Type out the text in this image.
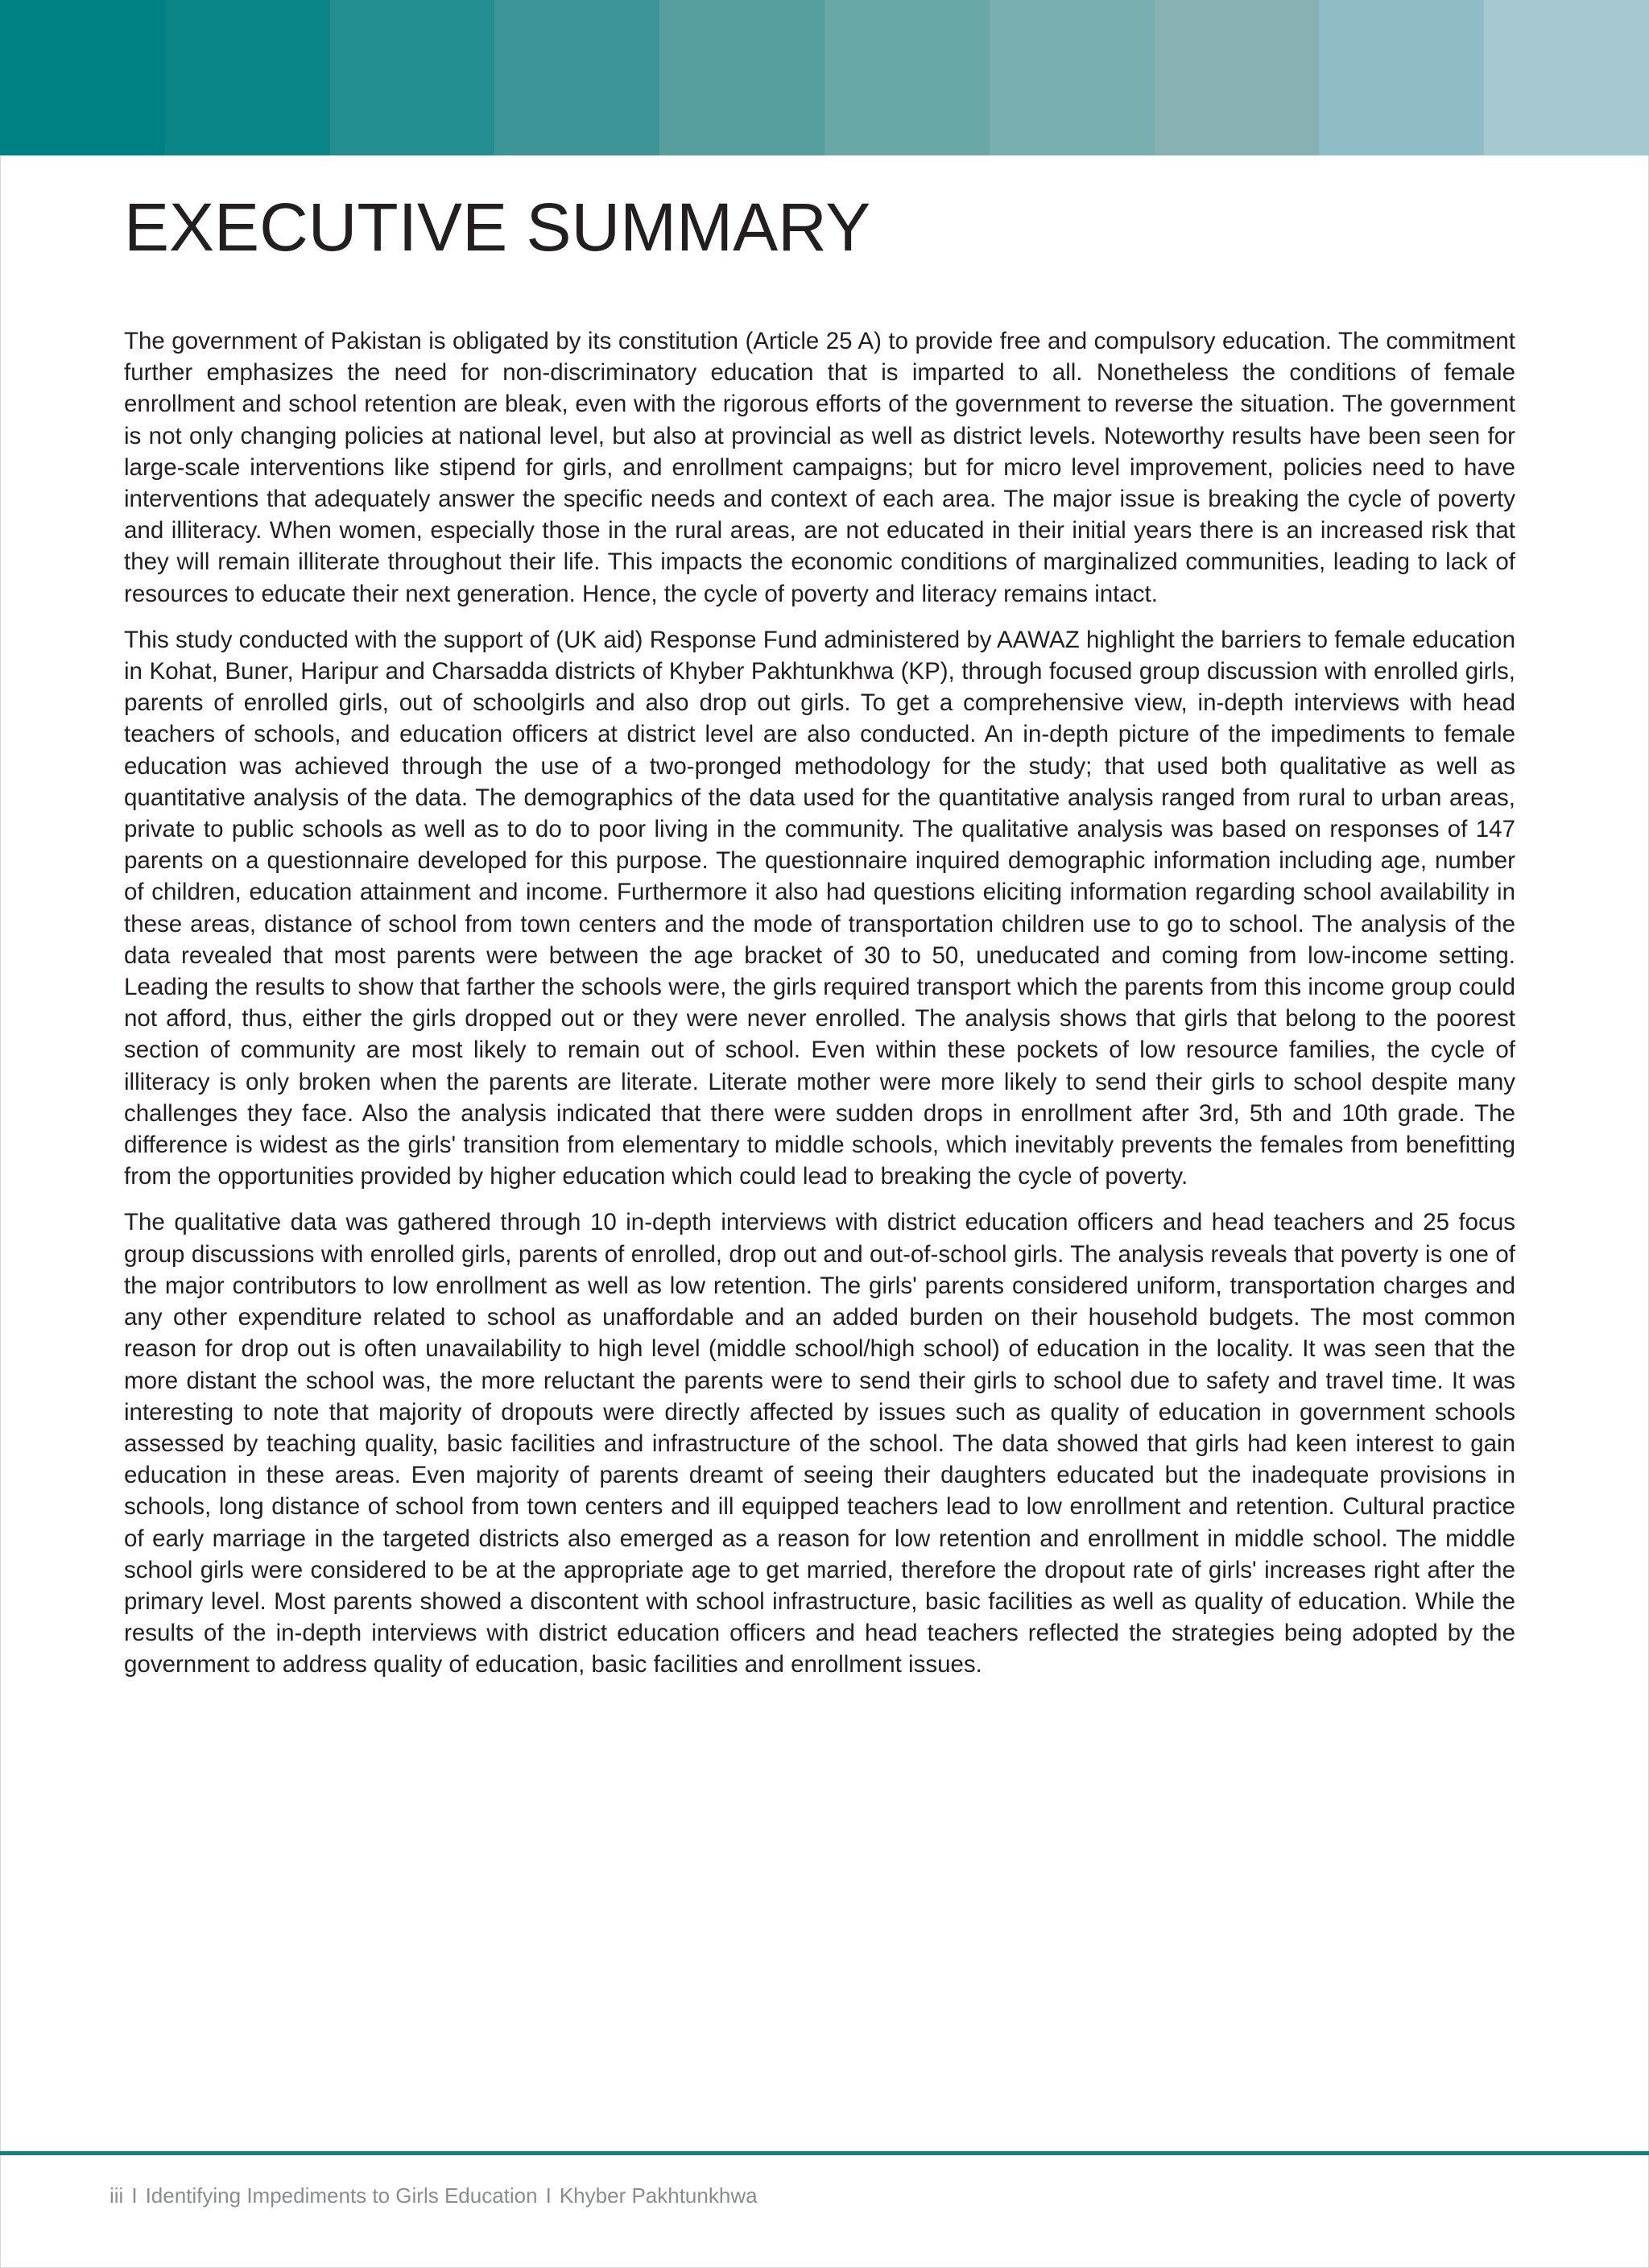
EXECUTIVE SUMMARY

The government of Pakistan is obligated by its constitution (Article 25 A) to provide free and compulsory education. The commitment further emphasizes the need for non-discriminatory education that is imparted to all. Nonetheless the conditions of female enrollment and school retention are bleak, even with the rigorous efforts of the government to reverse the situation. The government is not only changing policies at national level, but also at provincial as well as district levels. Noteworthy results have been seen for large-scale interventions like stipend for girls, and enrollment campaigns; but for micro level improvement, policies need to have interventions that adequately answer the specific needs and context of each area. The major issue is breaking the cycle of poverty and illiteracy. When women, especially those in the rural areas, are not educated in their initial years there is an increased risk that they will remain illiterate throughout their life. This impacts the economic conditions of marginalized communities, leading to lack of resources to educate their next generation. Hence, the cycle of poverty and literacy remains intact.

This study conducted with the support of (UK aid) Response Fund administered by AAWAZ highlight the barriers to female education in Kohat, Buner, Haripur and Charsadda districts of Khyber Pakhtunkhwa (KP), through focused group discussion with enrolled girls, parents of enrolled girls, out of schoolgirls and also drop out girls. To get a comprehensive view, in-depth interviews with head teachers of schools, and education officers at district level are also conducted. An in-depth picture of the impediments to female education was achieved through the use of a two-pronged methodology for the study; that used both qualitative as well as quantitative analysis of the data. The demographics of the data used for the quantitative analysis ranged from rural to urban areas, private to public schools as well as to do to poor living in the community. The qualitative analysis was based on responses of 147 parents on a questionnaire developed for this purpose. The questionnaire inquired demographic information including age, number of children, education attainment and income. Furthermore it also had questions eliciting information regarding school availability in these areas, distance of school from town centers and the mode of transportation children use to go to school. The analysis of the data revealed that most parents were between the age bracket of 30 to 50, uneducated and coming from low-income setting. Leading the results to show that farther the schools were, the girls required transport which the parents from this income group could not afford, thus, either the girls dropped out or they were never enrolled. The analysis shows that girls that belong to the poorest section of community are most likely to remain out of school. Even within these pockets of low resource families, the cycle of illiteracy is only broken when the parents are literate. Literate mother were more likely to send their girls to school despite many challenges they face. Also the analysis indicated that there were sudden drops in enrollment after 3rd, 5th and 10th grade. The difference is widest as the girls' transition from elementary to middle schools, which inevitably prevents the females from benefitting from the opportunities provided by higher education which could lead to breaking the cycle of poverty.

The qualitative data was gathered through 10 in-depth interviews with district education officers and head teachers and 25 focus group discussions with enrolled girls, parents of enrolled, drop out and out-of-school girls. The analysis reveals that poverty is one of the major contributors to low enrollment as well as low retention. The girls' parents considered uniform, transportation charges and any other expenditure related to school as unaffordable and an added burden on their household budgets. The most common reason for drop out is often unavailability to high level (middle school/high school) of education in the locality. It was seen that the more distant the school was, the more reluctant the parents were to send their girls to school due to safety and travel time. It was interesting to note that majority of dropouts were directly affected by issues such as quality of education in government schools assessed by teaching quality, basic facilities and infrastructure of the school. The data showed that girls had keen interest to gain education in these areas. Even majority of parents dreamt of seeing their daughters educated but the inadequate provisions in schools, long distance of school from town centers and ill equipped teachers lead to low enrollment and retention. Cultural practice of early marriage in the targeted districts also emerged as a reason for low retention and enrollment in middle school. The middle school girls were considered to be at the appropriate age to get married, therefore the dropout rate of girls' increases right after the primary level. Most parents showed a discontent with school infrastructure, basic facilities as well as quality of education. While the results of the in-depth interviews with district education officers and head teachers reflected the strategies being adopted by the government to address quality of education, basic facilities and enrollment issues.

iii I Identifying Impediments to Girls Education I Khyber Pakhtunkhwa
